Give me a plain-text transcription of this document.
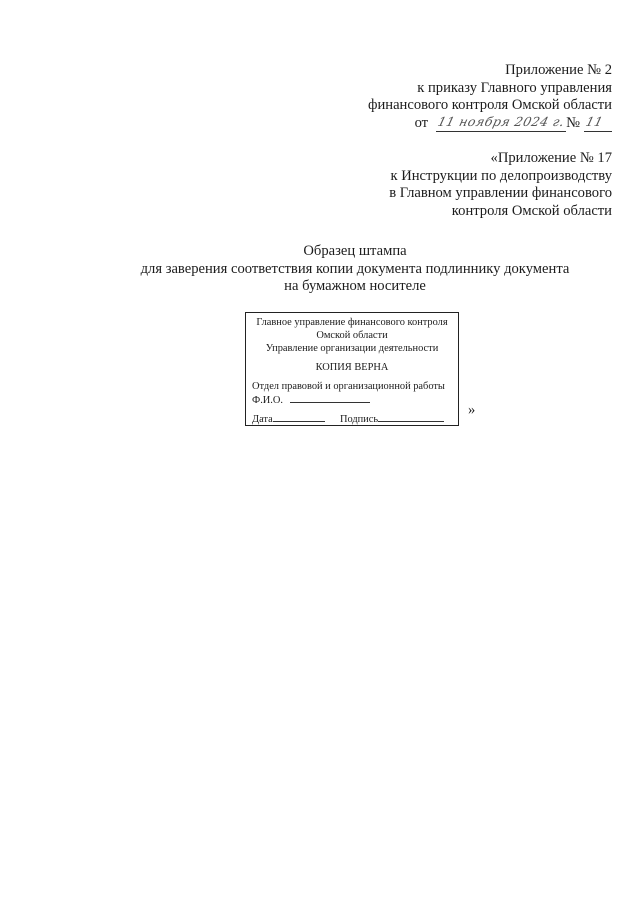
Приложение № 2
к приказу Главного управления
финансового контроля Омской области
от 11 ноября 2024 г. № 11
«Приложение № 17
к Инструкции по делопроизводству
в Главном управлении финансового
контроля Омской области
Образец штампа
для заверения соответствия копии документа подлиннику документа
на бумажном носителе
Главное управление финансового контроля
Омской области
Управление организации деятельности
КОПИЯ ВЕРНА
Отдел правовой и организационной работы
Ф.И.О.
Дата	Подпись
»
